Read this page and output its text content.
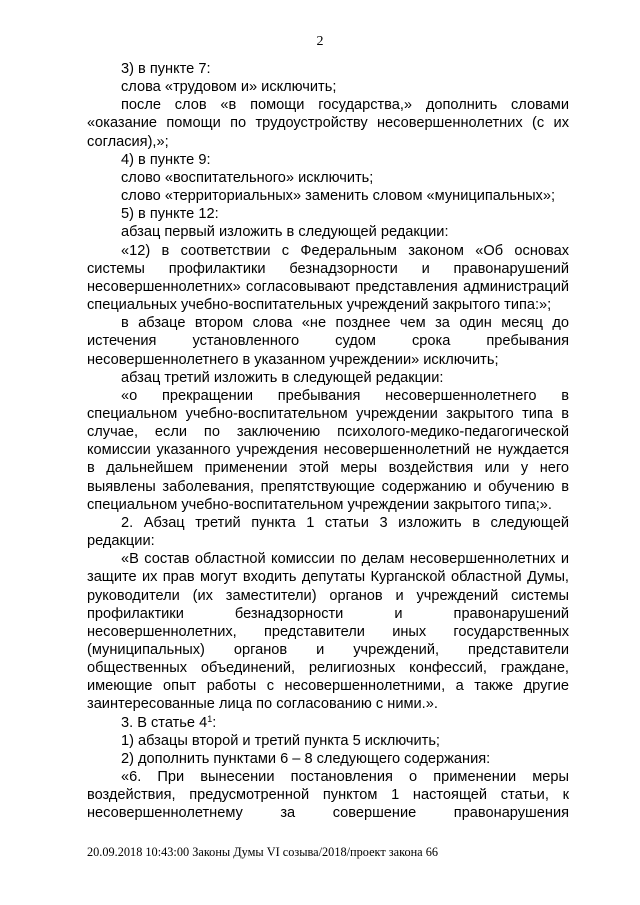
2

3) в пункте 7:

слова «трудовом и» исключить;

после слов «в помощи государства,» дополнить словами «оказание помощи по трудоустройству несовершеннолетних (с их согласия),»;

4) в пункте 9:

слово «воспитательного» исключить;

слово «территориальных» заменить словом «муниципальных»;

5) в пункте 12:

абзац первый изложить в следующей редакции:

«12) в соответствии с Федеральным законом «Об основах системы профилактики безнадзорности и правонарушений несовершеннолетних» согласовывают представления администраций специальных учебно-воспитательных учреждений закрытого типа:»;

в абзаце втором слова «не позднее чем за один месяц до истечения установленного судом срока пребывания несовершеннолетнего в указанном учреждении» исключить;

абзац третий изложить в следующей редакции:

«о прекращении пребывания несовершеннолетнего в специальном учебно-воспитательном учреждении закрытого типа в случае, если по заключению психолого-медико-педагогической комиссии указанного учреждения несовершеннолетний не нуждается в дальнейшем применении этой меры воздействия или у него выявлены заболевания, препятствующие содержанию и обучению в специальном учебно-воспитательном учреждении закрытого типа;».

2. Абзац третий пункта 1 статьи 3 изложить в следующей редакции:

«В состав областной комиссии по делам несовершеннолетних и защите их прав могут входить депутаты Курганской областной Думы, руководители (их заместители) органов и учреждений системы профилактики безнадзорности и правонарушений несовершеннолетних, представители иных государственных (муниципальных) органов и учреждений, представители общественных объединений, религиозных конфессий, граждане, имеющие опыт работы с несовершеннолетними, а также другие заинтересованные лица по согласованию с ними.».

3. В статье $4^1$:

1) абзацы второй и третий пункта 5 исключить;

2) дополнить пунктами 6 – 8 следующего содержания:

«6. При вынесении постановления о применении меры воздействия, предусмотренной пунктом 1 настоящей статьи, к несовершеннолетнему за совершение правонарушения

20.09.2018 10:43:00 Законы Думы VI созыва/2018/проект закона 66
